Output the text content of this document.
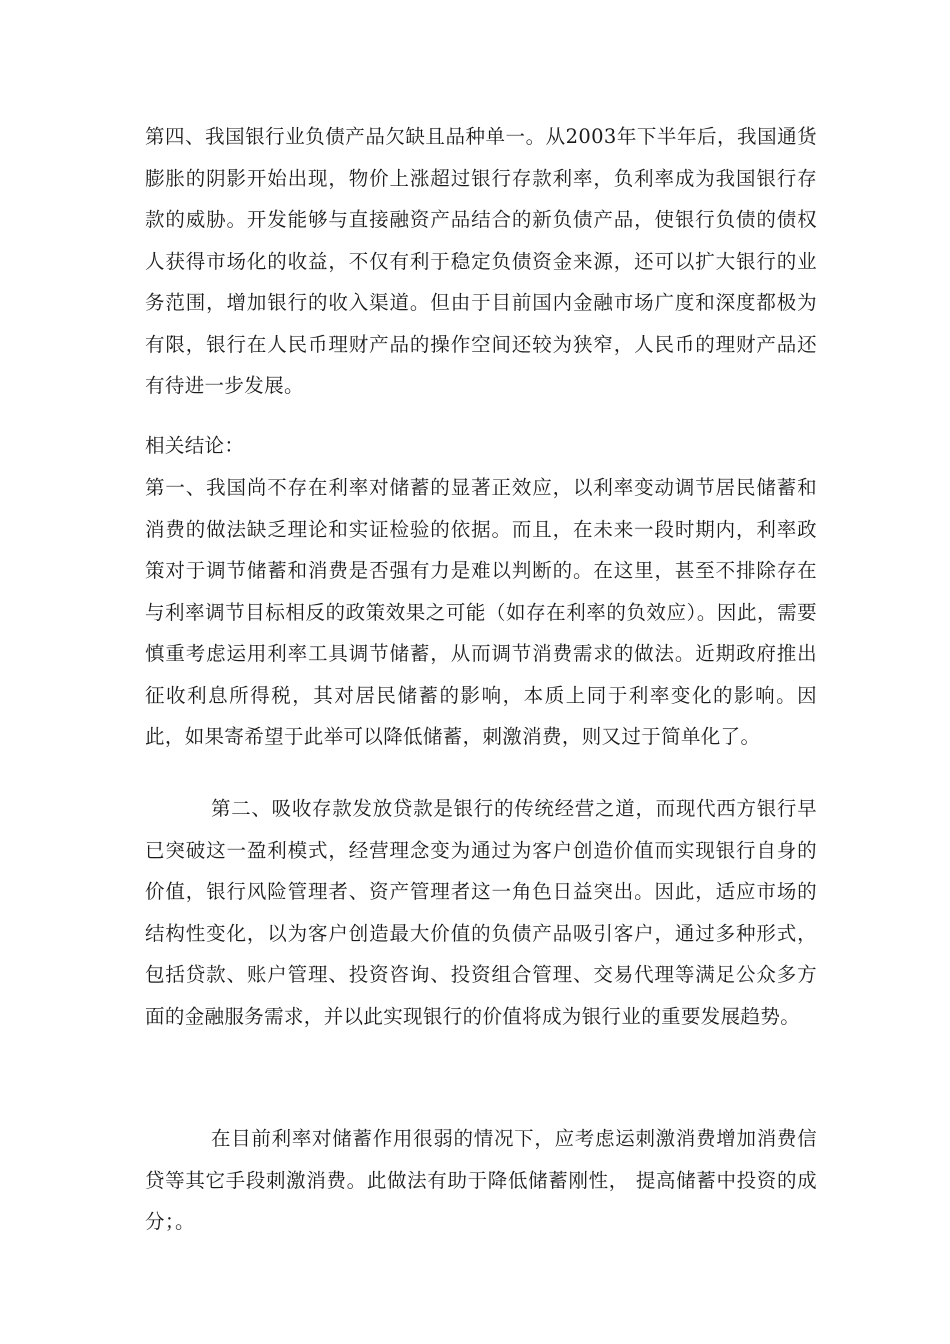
第四、我国银行业负债产品欠缺且品种单一。从2003年下半年后，我国通货膨胀的阴影开始出现，物价上涨超过银行存款利率，负利率成为我国银行存款的威胁。开发能够与直接融资产品结合的新负债产品，使银行负债的债权人获得市场化的收益，不仅有利于稳定负债资金来源，还可以扩大银行的业务范围，增加银行的收入渠道。但由于目前国内金融市场广度和深度都极为有限，银行在人民币理财产品的操作空间还较为狭窄，人民币的理财产品还有待进一步发展。

相关结论：

第一、我国尚不存在利率对储蓄的显著正效应，以利率变动调节居民储蓄和消费的做法缺乏理论和实证检验的依据。而且，在未来一段时期内，利率政策对于调节储蓄和消费是否强有力是难以判断的。在这里，甚至不排除存在与利率调节目标相反的政策效果之可能（如存在利率的负效应）。因此，需要慎重考虑运用利率工具调节储蓄，从而调节消费需求的做法。近期政府推出征收利息所得税，其对居民储蓄的影响，本质上同于利率变化的影响。因此，如果寄希望于此举可以降低储蓄，刺激消费，则又过于简单化了。

第二、吸收存款发放贷款是银行的传统经营之道，而现代西方银行早已突破这一盈利模式，经营理念变为通过为客户创造价值而实现银行自身的价值，银行风险管理者、资产管理者这一角色日益突出。因此，适应市场的结构性变化，以为客户创造最大价值的负债产品吸引客户，通过多种形式，包括贷款、账户管理、投资咨询、投资组合管理、交易代理等满足公众多方面的金融服务需求，并以此实现银行的价值将成为银行业的重要发展趋势。

在目前利率对储蓄作用很弱的情况下，应考虑运刺激消费增加消费信贷等其它手段刺激消费。此做法有助于降低储蓄刚性， 提高储蓄中投资的成分；。
